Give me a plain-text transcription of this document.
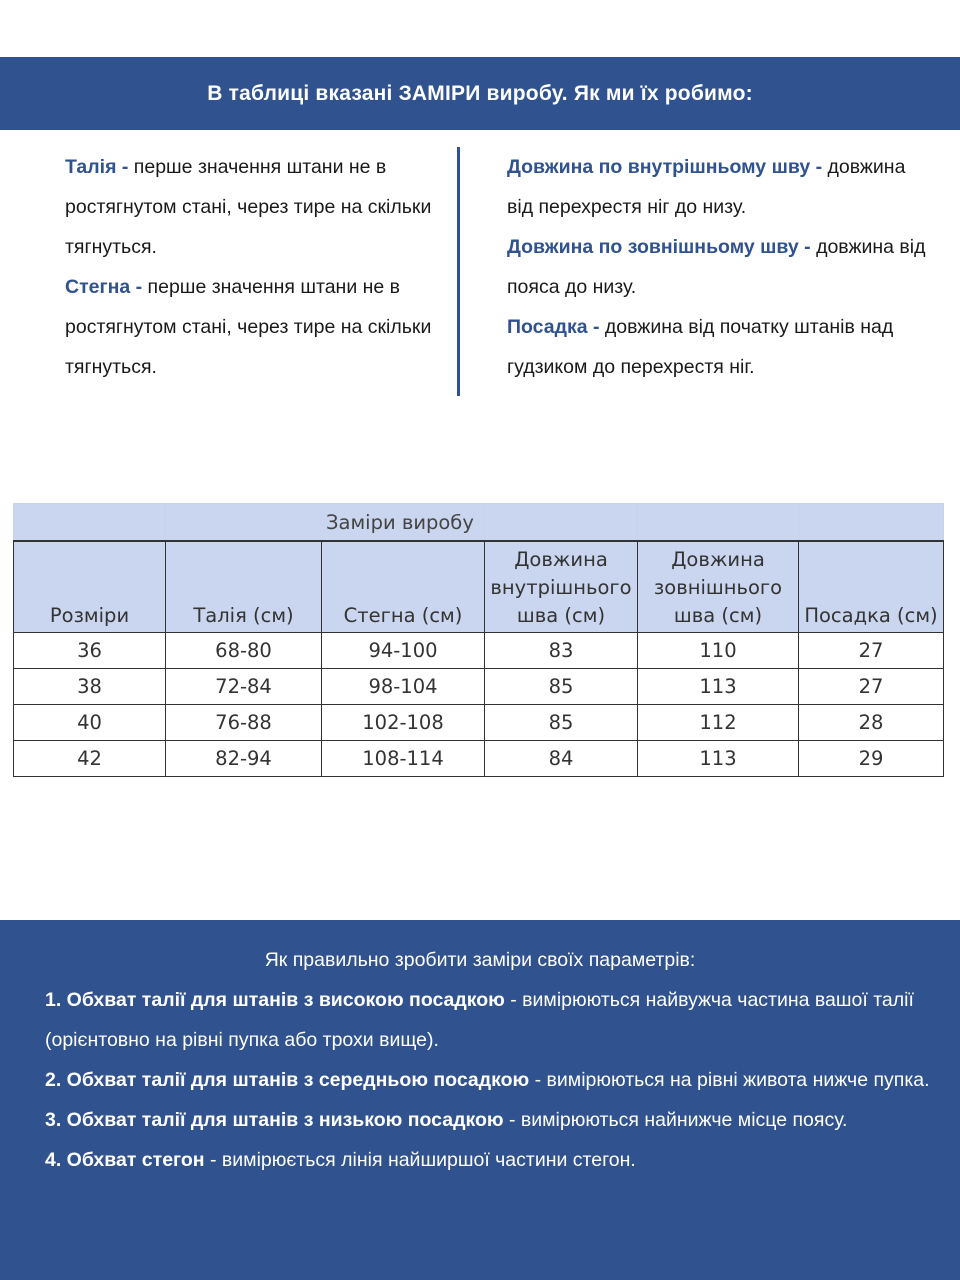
В таблиці вказані ЗАМІРИ виробу. Як ми їх робимо:

Талія - перше значення штани не в ростягнутом стані, через тире на скільки тягнуться.

Стегна - перше значення штани не в ростягнутом стані, через тире на скільки тягнуться.

Довжина по внутрішньому шву - довжина від перехрестя ніг до низу.

Довжина по зовнішньому шву - довжина від пояса до низу.

Посадка - довжина від початку штанів над гудзиком до перехрестя ніг.

	Заміри виробу				
Розміри	Талія (см)	Стегна (см)	Довжина внутрішнього шва (см)	Довжина зовнішнього шва (см)	Посадка (см)
36	68-80	94-100	83	110	27
38	72-84	98-104	85	113	27
40	76-88	102-108	85	112	28
42	82-94	108-114	84	113	29
Як правильно зробити заміри своїх параметрів:

1. Обхват талії для штанів з високою посадкою - вимірюються найвужча частина вашої талії (орієнтовно на рівні пупка або трохи вище).

2. Обхват талії для штанів з середньою посадкою - вимірюються на рівні живота нижче пупка.

3. Обхват талії для штанів з низькою посадкою - вимірюються найнижче місце поясу.

4. Обхват стегон - вимірюється лінія найширшої частини стегон.
